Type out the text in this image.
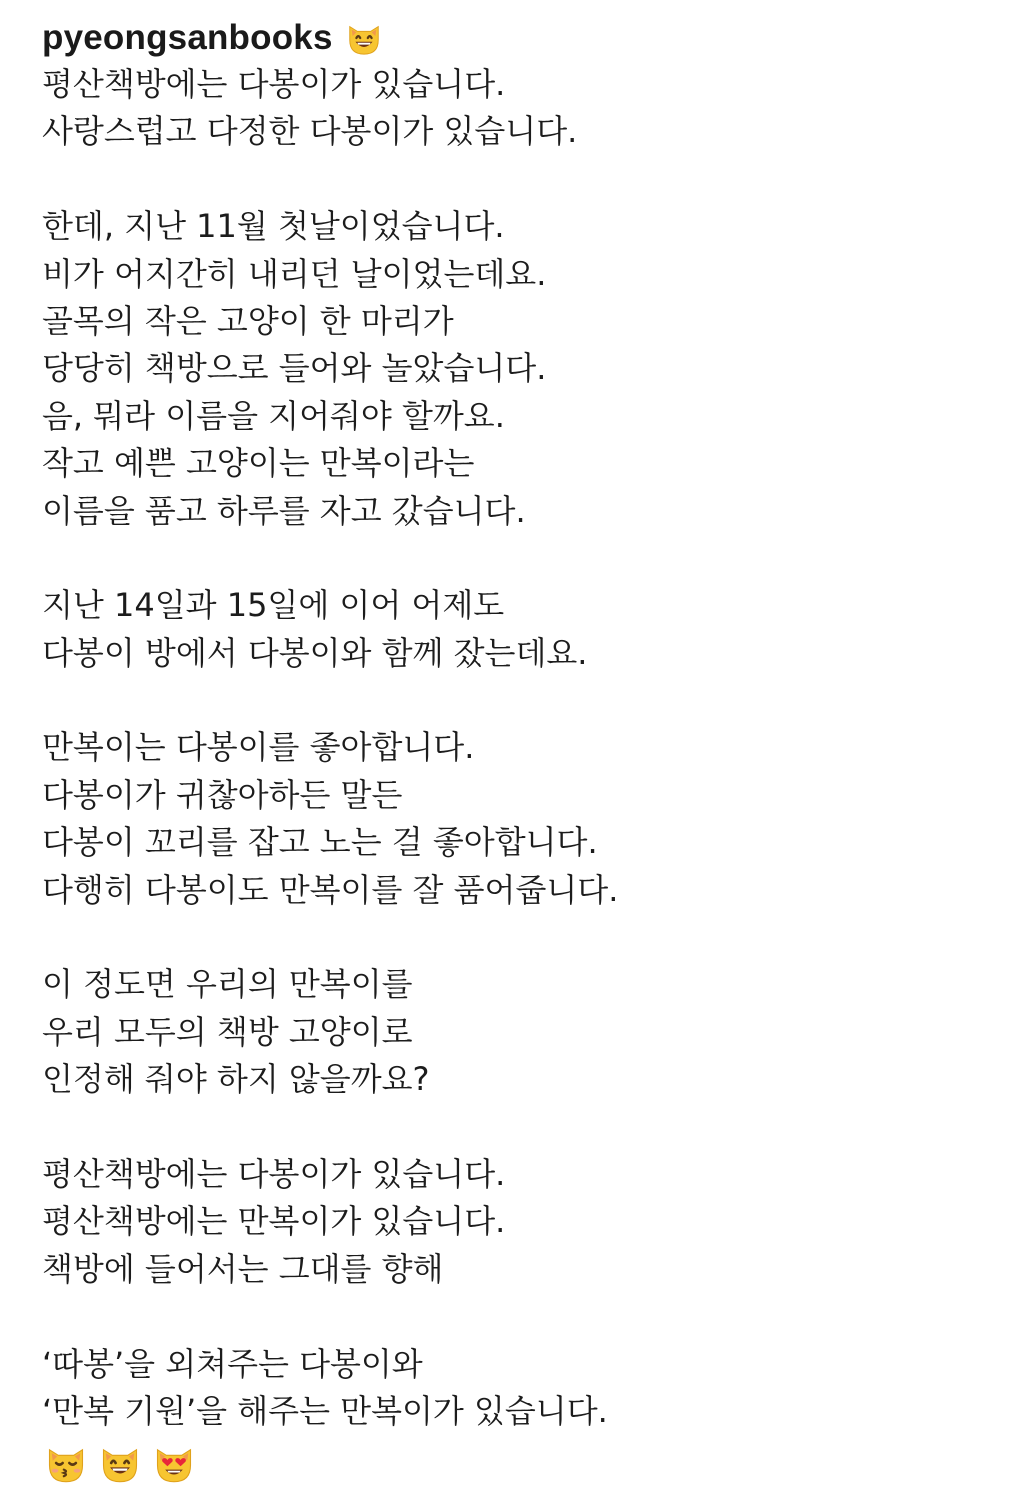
pyeongsanbooks
평산책방에는 다봉이가 있습니다.
사랑스럽고 다정한 다봉이가 있습니다.
한데, 지난 11월 첫날이었습니다.
비가 어지간히 내리던 날이었는데요.
골목의 작은 고양이 한 마리가
당당히 책방으로 들어와 놀았습니다.
음, 뭐라 이름을 지어줘야 할까요.
작고 예쁜 고양이는 만복이라는
이름을 품고 하루를 자고 갔습니다.
지난 14일과 15일에 이어 어제도
다봉이 방에서 다봉이와 함께 잤는데요.
만복이는 다봉이를 좋아합니다.
다봉이가 귀찮아하든 말든
다봉이 꼬리를 잡고 노는 걸 좋아합니다.
다행히 다봉이도 만복이를 잘 품어줍니다.
이 정도면 우리의 만복이를
우리 모두의 책방 고양이로
인정해 줘야 하지 않을까요?
평산책방에는 다봉이가 있습니다.
평산책방에는 만복이가 있습니다.
책방에 들어서는 그대를 향해
‘따봉’을 외쳐주는 다봉이와
‘만복 기원’을 해주는 만복이가 있습니다.
